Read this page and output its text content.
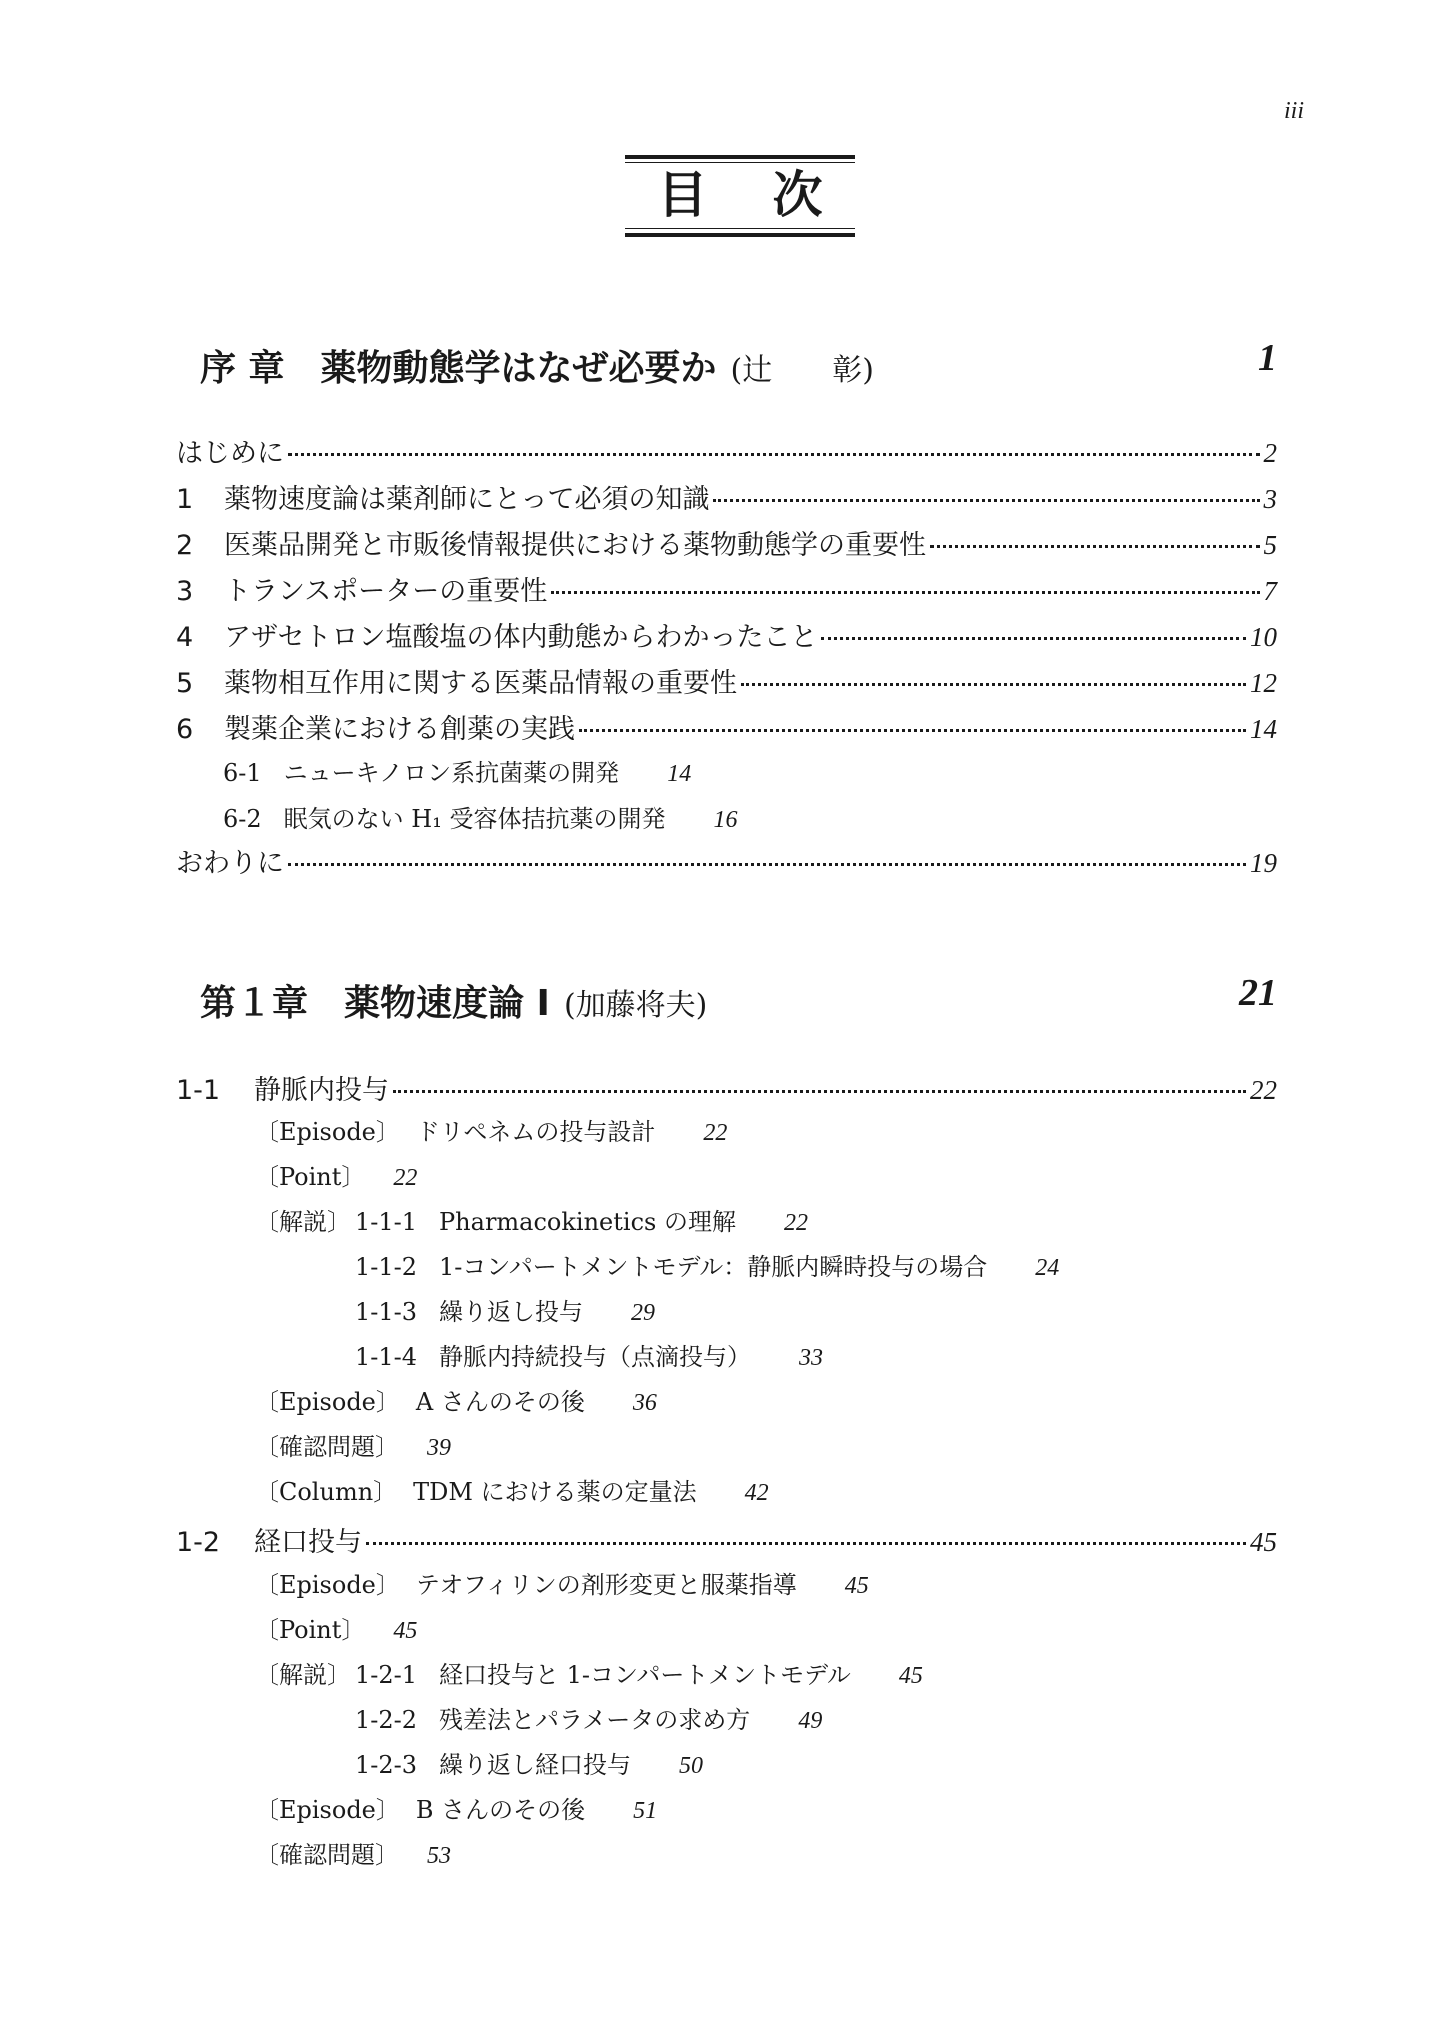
iii
目 次
序 章　薬物動態学はなぜ必要か (辻　　彰)	1
はじめに	2
1	薬物速度論は薬剤師にとって必須の知識	3
2	医薬品開発と市販後情報提供における薬物動態学の重要性	5
3	トランスポーターの重要性	7
4	アザセトロン塩酸塩の体内動態からわかったこと	10
5	薬物相互作用に関する医薬品情報の重要性	12
6	製薬企業における創薬の実践	14
6-1 ニューキノロン系抗菌薬の開発 14
6-2 眠気のない H₁ 受容体拮抗薬の開発 16
おわりに	19
第１章　薬物速度論 I (加藤将夫)	21
1-1	静脈内投与	22
〔Episode〕 ドリペネムの投与設計 22
〔Point〕 22
〔解説〕 1-1-1 Pharmacokinetics の理解 22
1-1-2 1-コンパートメントモデル：静脈内瞬時投与の場合 24
1-1-3 繰り返し投与 29
1-1-4 静脈内持続投与（点滴投与） 33
〔Episode〕 A さんのその後 36
〔確認問題〕 39
〔Column〕 TDM における薬の定量法 42
1-2	経口投与	45
〔Episode〕 テオフィリンの剤形変更と服薬指導 45
〔Point〕 45
〔解説〕 1-2-1 経口投与と 1-コンパートメントモデル 45
1-2-2 残差法とパラメータの求め方 49
1-2-3 繰り返し経口投与 50
〔Episode〕 B さんのその後 51
〔確認問題〕 53
